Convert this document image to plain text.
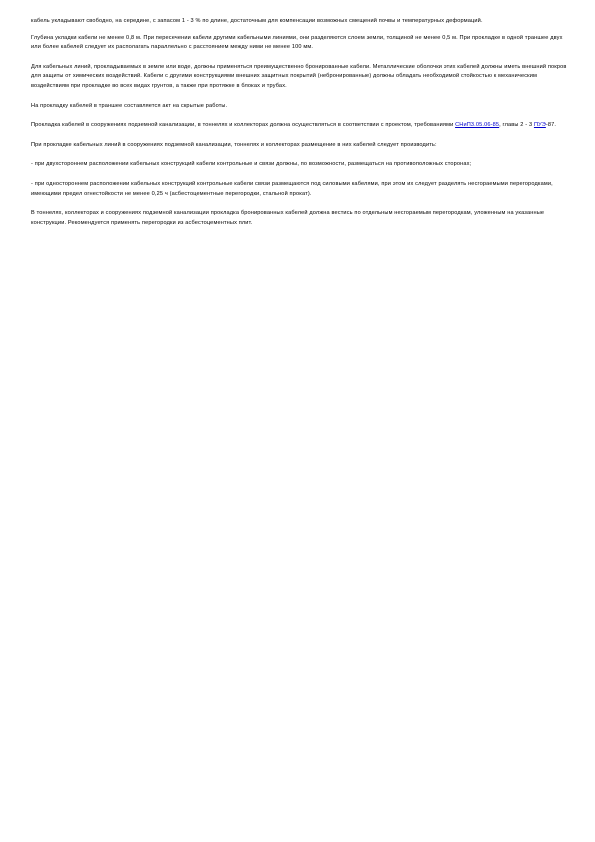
кабель укладывают свободно, на середине, с запасом 1 - 3 % по длине, достаточным для компенсации возможных смещений почвы и температурных деформаций.

Глубина укладки кабели не менее 0,8 м. При пересечении кабели другими кабельными линиями, они разделяются слоем земли, толщиной не менее 0,5 м. При прокладке в одной траншее двух или более кабелей следует их располагать параллельно с расстоянием между ними не менее 100 мм.

Для кабельных линий, прокладываемых в земле или воде, должны применяться преимущественно бронированные кабели. Металлические оболочки этих кабелей должны иметь внешний покров для защиты от химических воздействий. Кабели с другими конструкциями внешних защитных покрытий (небронированные) должны обладать необходимой стойкостью к механическим воздействиям при прокладке во всех видах грунтов, а также при протяжке в блоках и трубах.

На прокладку кабелей в траншее составляется акт на скрытые работы.

Прокладка кабелей в сооружениях подземной канализации, в тоннелях и коллекторах должна осуществляться в соответствии с проектом, требованиями СНиП3.05.06-85, главы 2 - 3 ПУЭ-87.

При прокладке кабельных линий в сооружениях подземной канализации, тоннелях и коллекторах размещение в них кабелей следует производить:

- при двухстороннем расположении кабельных конструкций кабели контрольные и связи должны, по возможности, размещаться на противоположных сторонах;

- при одностороннем расположении кабельных конструкций контрольные кабели связи размещаются под силовыми кабелями, при этом их следует разделять несгораемыми перегородками, имеющими предел огнестойкости не менее 0,25 ч (асбестоцементные перегородки, стальной прокат).

В тоннелях, коллекторах и сооружениях подземной канализации прокладка бронированных кабелей должна вестись по отдельным несгораемым перегородкам, уложенным на указанные конструкции. Рекомендуется применять перегородки из асбестоцементных плит.
